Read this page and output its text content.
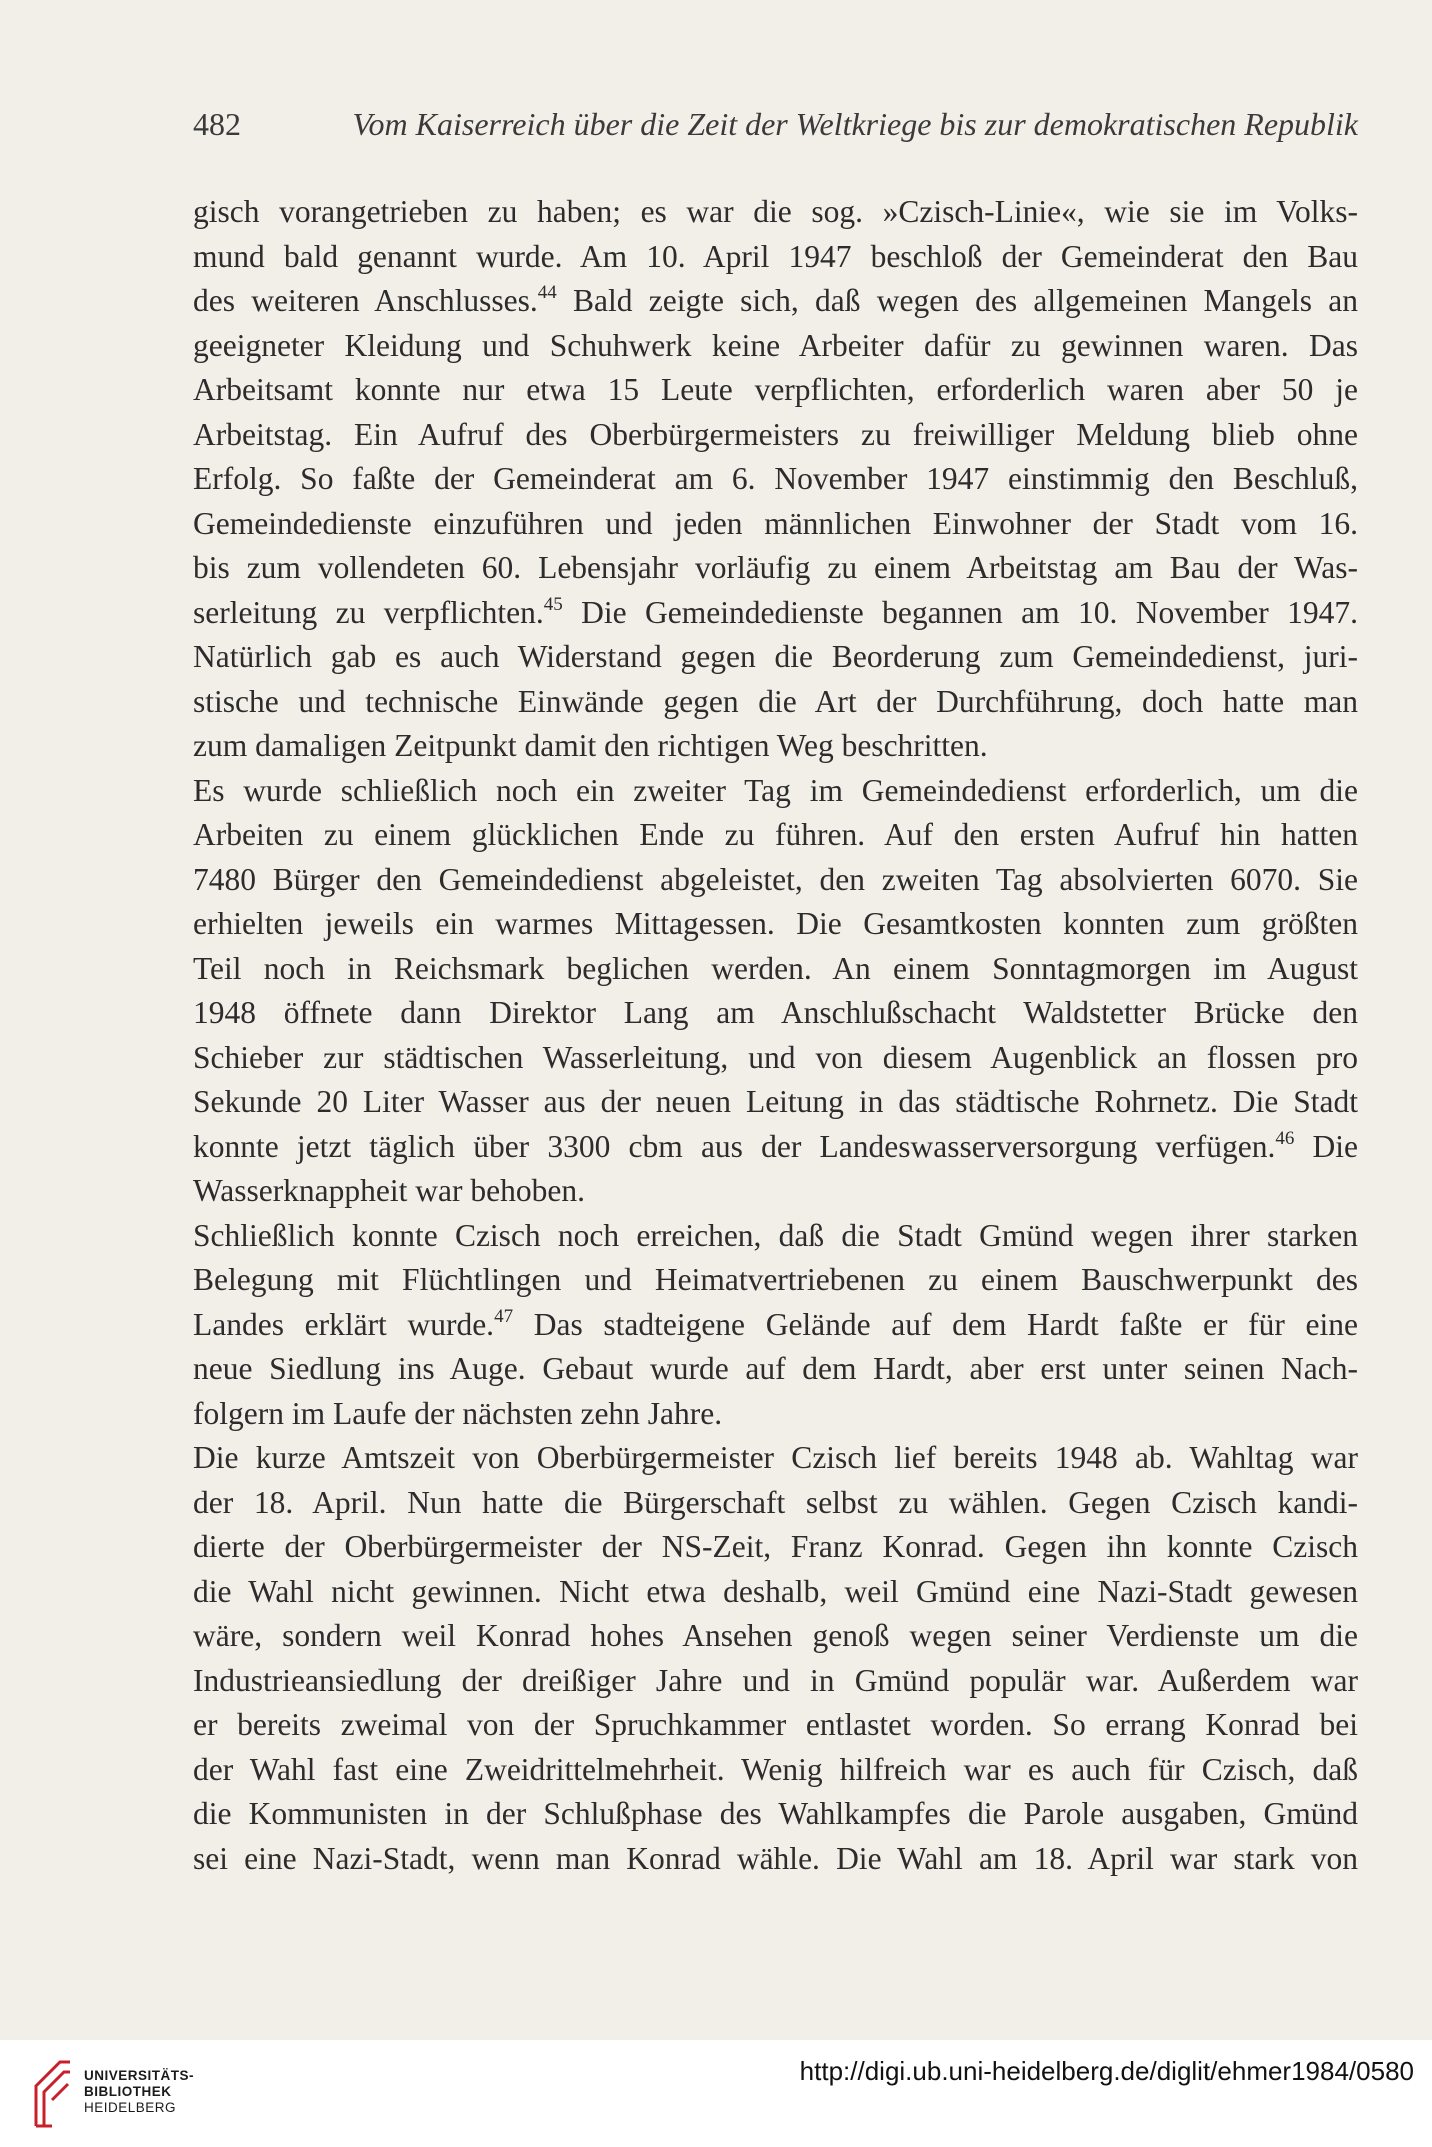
482	Vom Kaiserreich über die Zeit der Weltkriege bis zur demokratischen Republik
gisch vorangetrieben zu haben; es war die sog. »Czisch-Linie«, wie sie im Volks-
mund bald genannt wurde. Am 10. April 1947 beschloß der Gemeinderat den Bau
des weiteren Anschlusses.$^{44}$ Bald zeigte sich, daß wegen des allgemeinen Mangels an
geeigneter Kleidung und Schuhwerk keine Arbeiter dafür zu gewinnen waren. Das
Arbeitsamt konnte nur etwa 15 Leute verpflichten, erforderlich waren aber 50 je
Arbeitstag. Ein Aufruf des Oberbürgermeisters zu freiwilliger Meldung blieb ohne
Erfolg. So faßte der Gemeinderat am 6. November 1947 einstimmig den Beschluß,
Gemeindedienste einzuführen und jeden männlichen Einwohner der Stadt vom 16.
bis zum vollendeten 60. Lebensjahr vorläufig zu einem Arbeitstag am Bau der Was-
serleitung zu verpflichten.$^{45}$ Die Gemeindedienste begannen am 10. November 1947.
Natürlich gab es auch Widerstand gegen die Beorderung zum Gemeindedienst, juri-
stische und technische Einwände gegen die Art der Durchführung, doch hatte man
zum damaligen Zeitpunkt damit den richtigen Weg beschritten.
Es wurde schließlich noch ein zweiter Tag im Gemeindedienst erforderlich, um die
Arbeiten zu einem glücklichen Ende zu führen. Auf den ersten Aufruf hin hatten
7480 Bürger den Gemeindedienst abgeleistet, den zweiten Tag absolvierten 6070. Sie
erhielten jeweils ein warmes Mittagessen. Die Gesamtkosten konnten zum größten
Teil noch in Reichsmark beglichen werden. An einem Sonntagmorgen im August
1948 öffnete dann Direktor Lang am Anschlußschacht Waldstetter Brücke den
Schieber zur städtischen Wasserleitung, und von diesem Augenblick an flossen pro
Sekunde 20 Liter Wasser aus der neuen Leitung in das städtische Rohrnetz. Die Stadt
konnte jetzt täglich über 3300 cbm aus der Landeswasserversorgung verfügen.$^{46}$ Die
Wasserknappheit war behoben.
Schließlich konnte Czisch noch erreichen, daß die Stadt Gmünd wegen ihrer starken
Belegung mit Flüchtlingen und Heimatvertriebenen zu einem Bauschwerpunkt des
Landes erklärt wurde.$^{47}$ Das stadteigene Gelände auf dem Hardt faßte er für eine
neue Siedlung ins Auge. Gebaut wurde auf dem Hardt, aber erst unter seinen Nach-
folgern im Laufe der nächsten zehn Jahre.
Die kurze Amtszeit von Oberbürgermeister Czisch lief bereits 1948 ab. Wahltag war
der 18. April. Nun hatte die Bürgerschaft selbst zu wählen. Gegen Czisch kandi-
dierte der Oberbürgermeister der NS-Zeit, Franz Konrad. Gegen ihn konnte Czisch
die Wahl nicht gewinnen. Nicht etwa deshalb, weil Gmünd eine Nazi-Stadt gewesen
wäre, sondern weil Konrad hohes Ansehen genoß wegen seiner Verdienste um die
Industrieansiedlung der dreißiger Jahre und in Gmünd populär war. Außerdem war
er bereits zweimal von der Spruchkammer entlastet worden. So errang Konrad bei
der Wahl fast eine Zweidrittelmehrheit. Wenig hilfreich war es auch für Czisch, daß
die Kommunisten in der Schlußphase des Wahlkampfes die Parole ausgaben, Gmünd
sei eine Nazi-Stadt, wenn man Konrad wähle. Die Wahl am 18. April war stark von
UNIVERSITÄTS-
BIBLIOTHEK
HEIDELBERG
http://digi.ub.uni-heidelberg.de/diglit/ehmer1984/0580
